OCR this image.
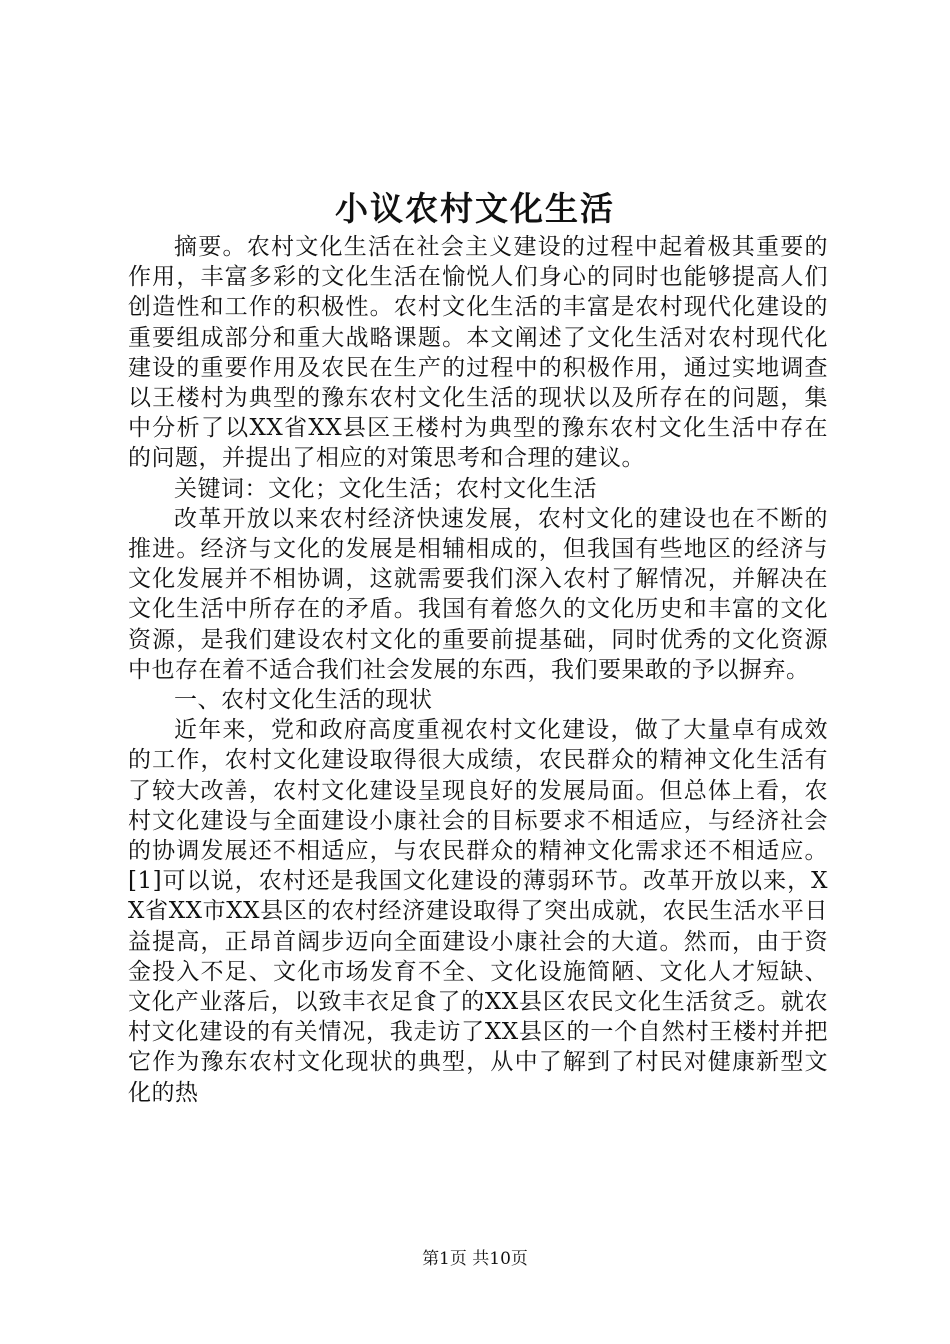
小议农村文化生活

摘要。农村文化生活在社会主义建设的过程中起着极其重要的作用，丰富多彩的文化生活在愉悦人们身心的同时也能够提高人们创造性和工作的积极性。农村文化生活的丰富是农村现代化建设的重要组成部分和重大战略课题。本文阐述了文化生活对农村现代化建设的重要作用及农民在生产的过程中的积极作用，通过实地调查以王楼村为典型的豫东农村文化生活的现状以及所存在的问题，集中分析了以XX省XX县区王楼村为典型的豫东农村文化生活中存在的问题，并提出了相应的对策思考和合理的建议。

关键词：文化；文化生活；农村文化生活

改革开放以来农村经济快速发展，农村文化的建设也在不断的推进。经济与文化的发展是相辅相成的，但我国有些地区的经济与文化发展并不相协调，这就需要我们深入农村了解情况，并解决在文化生活中所存在的矛盾。我国有着悠久的文化历史和丰富的文化资源，是我们建设农村文化的重要前提基础，同时优秀的文化资源中也存在着不适合我们社会发展的东西，我们要果敢的予以摒弃。

一、农村文化生活的现状

近年来，党和政府高度重视农村文化建设，做了大量卓有成效的工作，农村文化建设取得很大成绩，农民群众的精神文化生活有了较大改善，农村文化建设呈现良好的发展局面。但总体上看，农村文化建设与全面建设小康社会的目标要求不相适应，与经济社会的协调发展还不相适应，与农民群众的精神文化需求还不相适应。[1]可以说，农村还是我国文化建设的薄弱环节。改革开放以来，XX省XX市XX县区的农村经济建设取得了突出成就，农民生活水平日益提高，正昂首阔步迈向全面建设小康社会的大道。然而，由于资金投入不足、文化市场发育不全、文化设施简陋、文化人才短缺、文化产业落后，以致丰衣足食了的XX县区农民文化生活贫乏。就农村文化建设的有关情况，我走访了XX县区的一个自然村王楼村并把它作为豫东农村文化现状的典型，从中了解到了村民对健康新型文化的热

第1页 共10页
